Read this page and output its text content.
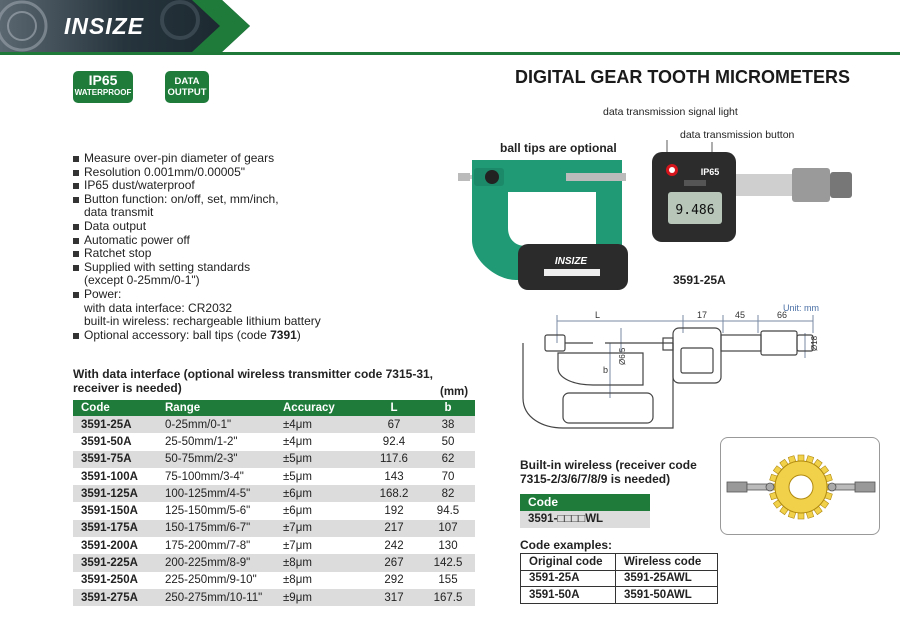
INSIZE
IP65
WATERPROOF
DATA
OUTPUT
DIGITAL GEAR TOOTH MICROMETERS
Measure over-pin diameter of gears
Resolution 0.001mm/0.00005"
IP65 dust/waterproof
Button function: on/off, set, mm/inch,
data transmit
Data output
Automatic power off
Ratchet stop
Supplied with setting standards
(except 0-25mm/0-1")
Power:
with data interface: CR2032
built-in wireless: rechargeable lithium battery
Optional accessory: ball tips (code 7391)
With data interface (optional wireless transmitter code 7315-31, receiver is needed)	(mm)
Code	Range	Accuracy	L	b
3591-25A	0-25mm/0-1"	±4μm	67	38
3591-50A	25-50mm/1-2"	±4μm	92.4	50
3591-75A	50-75mm/2-3"	±5μm	117.6	62
3591-100A	75-100mm/3-4"	±5μm	143	70
3591-125A	100-125mm/4-5"	±6μm	168.2	82
3591-150A	125-150mm/5-6"	±6μm	192	94.5
3591-175A	150-175mm/6-7"	±7μm	217	107
3591-200A	175-200mm/7-8"	±7μm	242	130
3591-225A	200-225mm/8-9"	±8μm	267	142.5
3591-250A	225-250mm/9-10"	±8μm	292	155
3591-275A	250-275mm/10-11"	±9μm	317	167.5
data transmission signal light
data transmission button
ball tips are optional
3591-25A
INSIZE
9.486
IP65
Unit: mm
L	17	45	66
b
Ø6.5
Ø18
Built-in wireless (receiver code 7315-2/3/6/7/8/9 is needed)
Code
3591-□□□□WL
Code examples:
Original code	Wireless code
3591-25A	3591-25AWL
3591-50A	3591-50AWL
